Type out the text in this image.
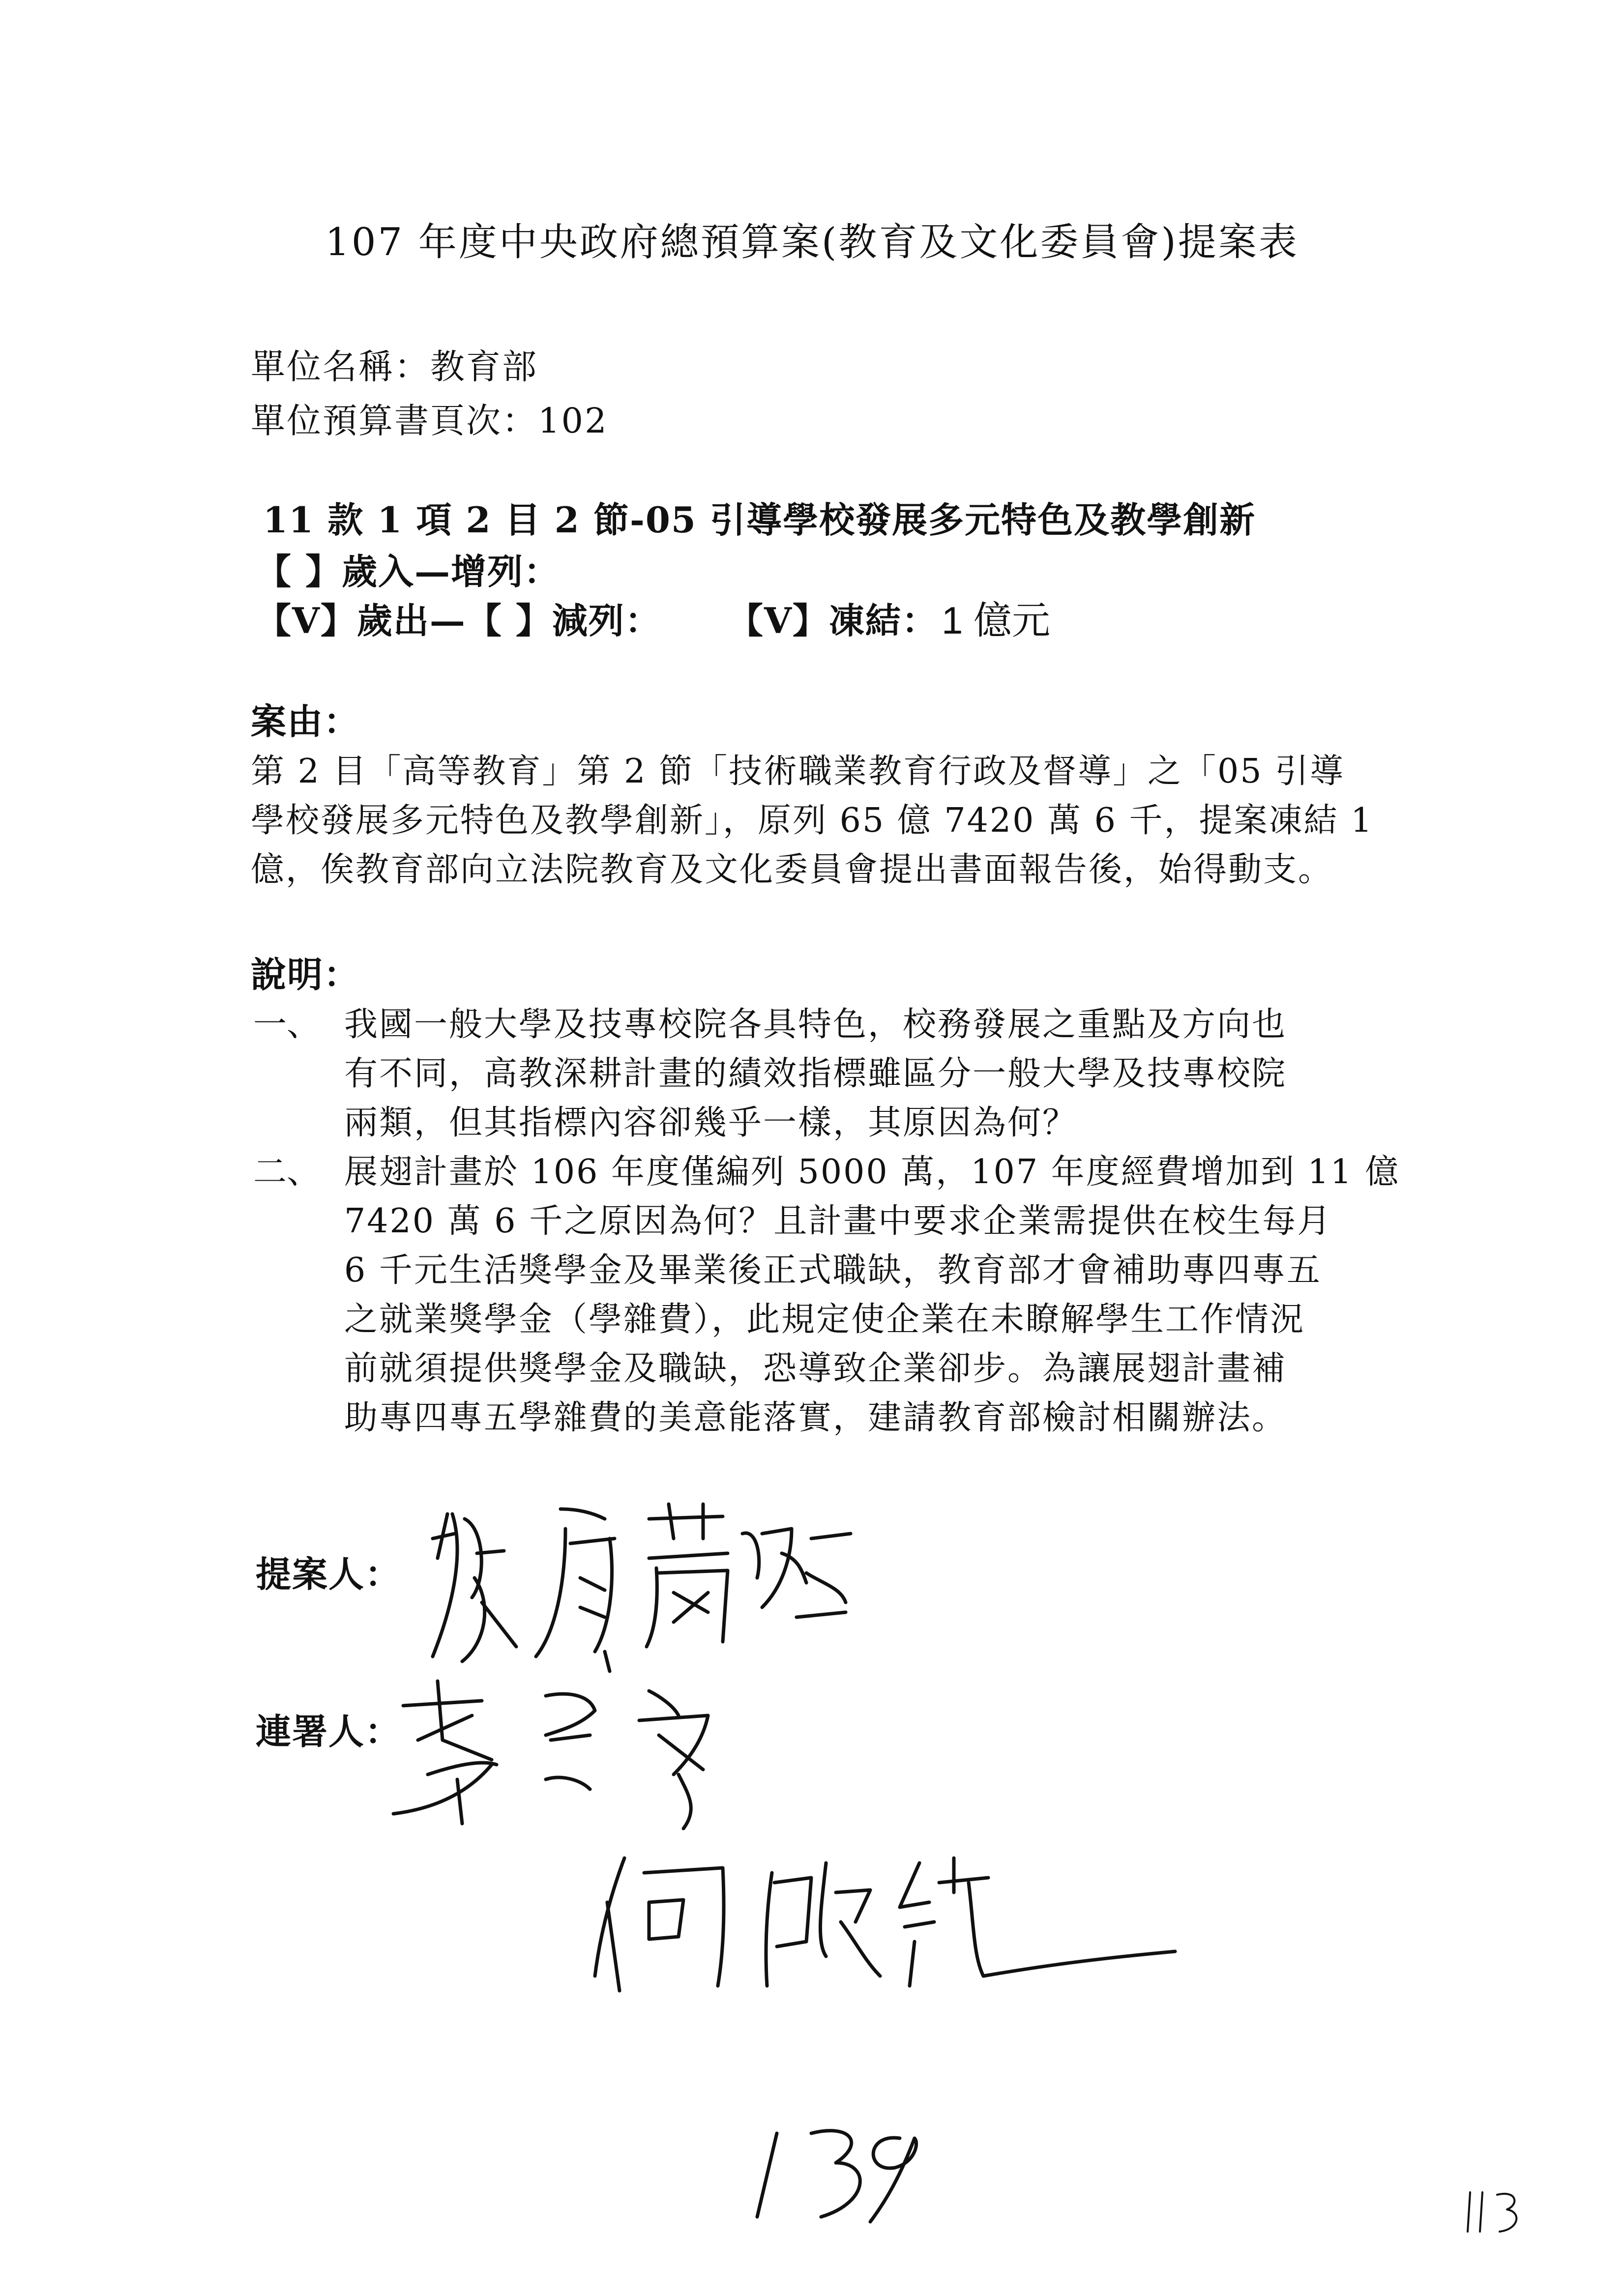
107 年度中央政府總預算案(教育及文化委員會)提案表
單位名稱：教育部
單位預算書頁次：102
11 款 1 項 2 目 2 節-05 引導學校發展多元特色及教學創新
【 】歲入—增列：
【V】歲出—【 】減列： 【V】凍結： 1 億元
案由：
第 2 目「高等教育」第 2 節「技術職業教育行政及督導」之「05 引導
學校發展多元特色及教學創新」，原列 65 億 7420 萬 6 千，提案凍結 1
億，俟教育部向立法院教育及文化委員會提出書面報告後，始得動支。
說明：
一、 我國一般大學及技專校院各具特色，校務發展之重點及方向也
有不同，高教深耕計畫的績效指標雖區分一般大學及技專校院
兩類，但其指標內容卻幾乎一樣，其原因為何？
二、 展翅計畫於 106 年度僅編列 5000 萬，107 年度經費增加到 11 億
7420 萬 6 千之原因為何？且計畫中要求企業需提供在校生每月
6 千元生活獎學金及畢業後正式職缺，教育部才會補助專四專五
之就業獎學金（學雜費），此規定使企業在未瞭解學生工作情況
前就須提供獎學金及職缺，恐導致企業卻步。為讓展翅計畫補
助專四專五學雜費的美意能落實，建請教育部檢討相關辦法。
提案人：
連署人：
